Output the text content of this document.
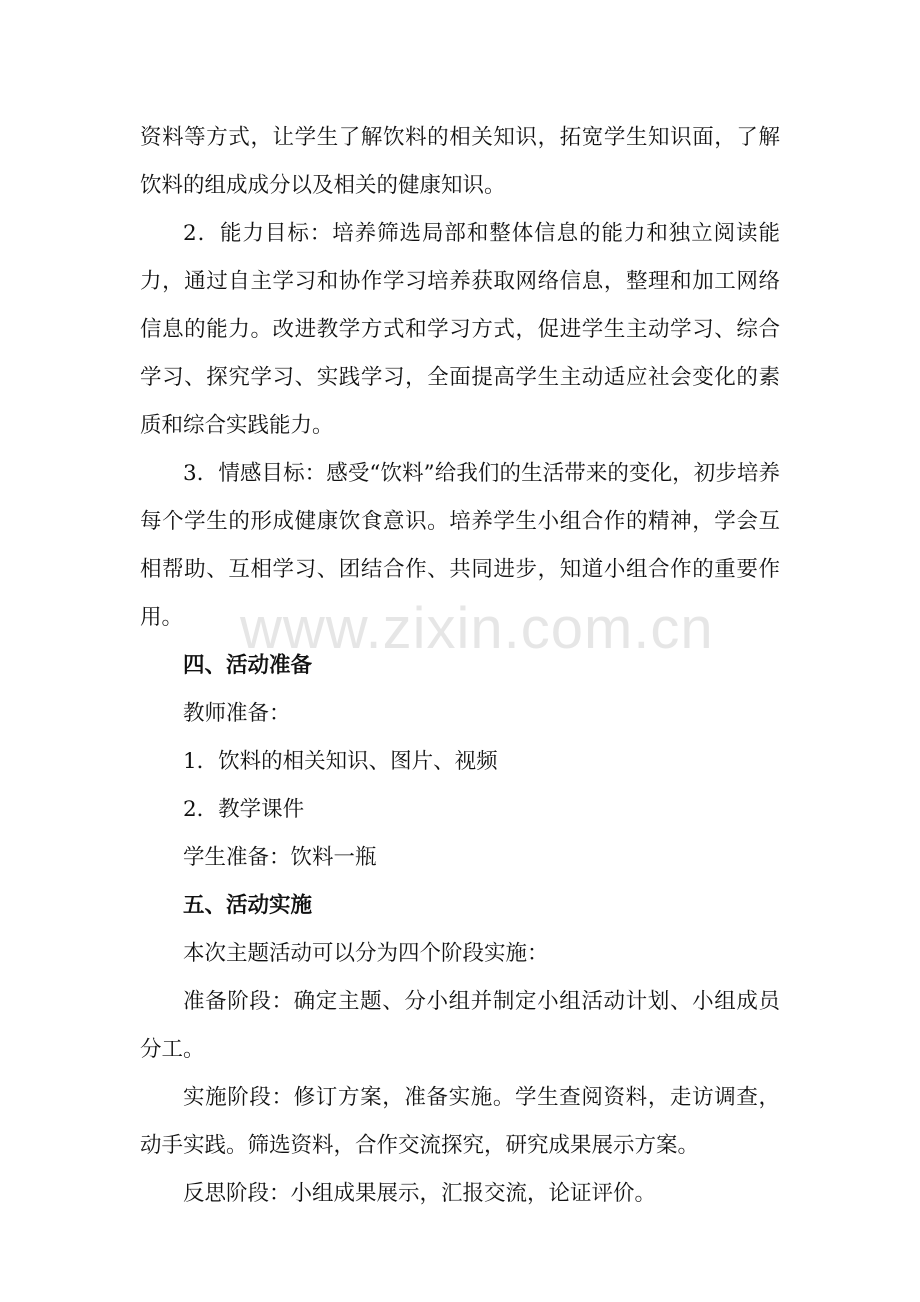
资料等方式，让学生了解饮料的相关知识，拓宽学生知识面，了解饮料的组成成分以及相关的健康知识。

2．能力目标：培养筛选局部和整体信息的能力和独立阅读能力，通过自主学习和协作学习培养获取网络信息，整理和加工网络信息的能力。改进教学方式和学习方式，促进学生主动学习、综合学习、探究学习、实践学习，全面提高学生主动适应社会变化的素质和综合实践能力。

3．情感目标：感受“饮料”给我们的生活带来的变化，初步培养每个学生的形成健康饮食意识。培养学生小组合作的精神，学会互相帮助、互相学习、团结合作、共同进步，知道小组合作的重要作用。

四、活动准备

教师准备：

1．饮料的相关知识、图片、视频

2．教学课件

学生准备：饮料一瓶

五、活动实施

本次主题活动可以分为四个阶段实施：

准备阶段：确定主题、分小组并制定小组活动计划、小组成员分工。

实施阶段：修订方案，准备实施。学生查阅资料，走访调查，动手实践。筛选资料，合作交流探究，研究成果展示方案。

反思阶段：小组成果展示，汇报交流，论证评价。

www.zixin.com.cn
